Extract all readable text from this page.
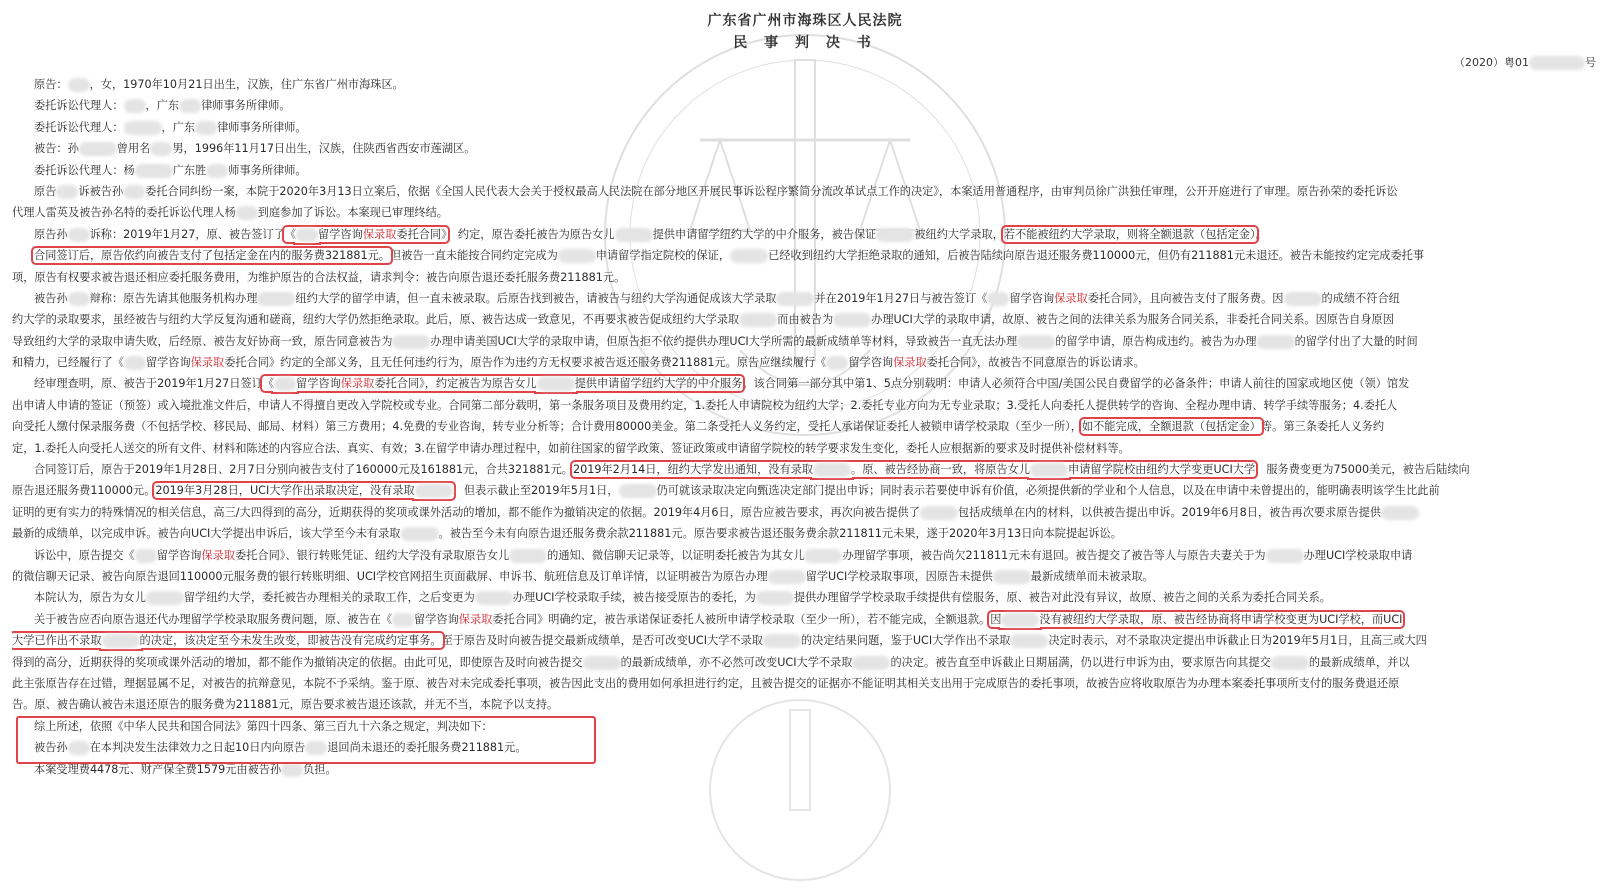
广东省广州市海珠区人民法院
民 事 判 决 书
（2020）粤01	号
原告： ，女，1970年10月21日出生，汉族，住广东省广州市海珠区。
委托诉讼代理人： ，广东 律师事务所律师。
委托诉讼代理人：	，广东 律师事务所律师。
被告：孙	曾用名 男，1996年11月17日出生，汉族，住陕西省西安市莲湖区。
委托诉讼代理人：杨	广东胜 师事务所律师。
原告 诉被告孙 委托合同纠纷一案，本院于2020年3月13日立案后，依据《全国人民代表大会关于授权最高人民法院在部分地区开展民事诉讼程序繁简分流改革试点工作的决定》，本案适用普通程序，由审判员徐广洪独任审理，公开开庭进行了审理。原告孙荣的委托诉讼
代理人雷英及被告孙名特的委托诉讼代理人杨 到庭参加了诉讼。本案现已审理终结。
原告孙 诉称：2019年1月27，原、被告签订了《 留学咨询保录取委托合同》，约定，原告委托被告为原告女儿	提供申请留学纽约大学的中介服务，被告保证	被纽约大学录取，若不能被纽约大学录取，则将全额退款（包括定金）。
合同签订后，原告依约向被告支付了包括定金在内的服务费321881元。但被告一直未能按合同约定完成为	申请留学指定院校的保证，	已经收到纽约大学拒绝录取的通知，后被告陆续向原告退还服务费110000元，但仍有211881元未退还。被告未能按约定完成委托事
项，原告有权要求被告退还相应委托服务费用，为维护原告的合法权益，请求判令：被告向原告退还委托服务费211881元。
被告孙 辩称：原告先请其他服务机构办理	纽约大学的留学申请，但一直未被录取。后原告找到被告，请被告与纽约大学沟通促成该大学录取	并在2019年1月27日与被告签订《 留学咨询保录取委托合同》，且向被告支付了服务费。因	的成绩不符合纽
约大学的录取要求，虽经被告与纽约大学反复沟通和磋商，纽约大学仍然拒绝录取。此后，原、被告达成一致意见，不再要求被告促成纽约大学录取	而由被告为	办理UCI大学的录取申请，故原、被告之间的法律关系为服务合同关系，非委托合同关系。因原告自身原因
导致纽约大学的录取申请失败，后经原、被告友好协商一致，原告同意被告为	办理申请美国UCI大学的录取申请，但原告拒不依约提供办理UCI大学所需的最新成绩单等材料，导致被告一直无法办理	的留学申请，原告构成违约。被告为办理	的留学付出了大量的时间
和精力，已经履行了《 留学咨询保录取委托合同》约定的全部义务，且无任何违约行为，原告作为违约方无权要求被告返还服务费211881元。原告应继续履行《 留学咨询保录取委托合同》，故被告不同意原告的诉讼请求。
经审理查明，原、被告于2019年1月27日签订《 留学咨询保录取委托合同》，约定被告为原告女儿	提供申请留学纽约大学的中介服务。该合同第一部分其中第1、5点分别载明：申请人必须符合中国/美国公民自费留学的必备条件；申请人前往的国家或地区使（领）馆发
出申请人申请的签证（预签）或入境批准文件后，申请人不得擅自更改入学院校或专业。合同第二部分载明，第一条服务项目及费用约定，1.委托人申请院校为纽约大学；2.委托专业方向为无专业录取；3.受托人向委托人提供转学的咨询、全程办理申请、转学手续等服务；4.委托人
向受托人缴付保录服务费（不包括学校、移民局、邮局、材料）第三方费用；4.免费的专业咨询，转专业分析等；合计费用80000美金。第二条受托人义务约定，受托人承诺保证委托人被锁申请学校录取（至少一所），如不能完成，全额退款（包括定金）等。第三条委托人义务约
定，1.委托人向受托人送交的所有文件、材料和陈述的内容应合法、真实、有效；3.在留学申请办理过程中，如前往国家的留学政策、签证政策或申请留学院校的转学要求发生变化，委托人应根据新的要求及时提供补偿材料等。
合同签订后，原告于2019年1月28日、2月7日分别向被告支付了160000元及161881元，合共321881元。2019年2月14日，纽约大学发出通知，没有录取	。原、被告经协商一致，将原告女儿	申请留学院校由纽约大学变更UCI大学，服务费变更为75000美元，被告后陆续向
原告退还服务费110000元。2019年3月28日，UCI大学作出录取决定，没有录取	，但表示截止至2019年5月1日，	仍可就该录取决定向甄选决定部门提出申诉；同时表示若要使申诉有价值，必须提供新的学业和个人信息，以及在申请中未曾提出的，能明确表明该学生比此前
证明的更有实力的特殊情况的相关信息，高三/大四得到的高分，近期获得的奖项或课外活动的增加，都不能作为撤销决定的依据。2019年4月6日，原告应被告要求，再次向被告提供了	包括成绩单在内的材料，以供被告提出申诉。2019年6月8日，被告再次要求原告提供
最新的成绩单，以完成申诉。被告向UCI大学提出申诉后，该大学至今未有录取	。被告至今未有向原告退还服务费余款211881元。原告要求被告退还服务费余款211811元未果，遂于2020年3月13日向本院提起诉讼。
诉讼中，原告提交《 留学咨询保录取委托合同》、银行转账凭证、纽约大学没有录取原告女儿	的通知、微信聊天记录等，以证明委托被告为其女儿	办理留学事项，被告尚欠211811元未有退回。被告提交了被告等人与原告夫妻关于为	办理UCI学校录取申请
的微信聊天记录、被告向原告退回110000元服务费的银行转账明细、UCI学校官网招生页面截屏、申诉书、航班信息及订单详情，以证明被告为原告办理	留学UCI学校录取事项，因原告未提供	最新成绩单而未被录取。
本院认为，原告为女儿	留学纽约大学，委托被告办理相关的录取工作，之后变更为	办理UCI学校录取手续，被告接受原告的委托，为	提供办理留学学校录取手续提供有偿服务，原、被告对此没有异议，故原、被告之间的关系为委托合同关系。
关于被告应否向原告退还代办理留学学校录取服务费问题，原、被告在《 留学咨询保录取委托合同》明确约定，被告承诺保证委托人被所申请学校录取（至少一所），若不能完成，全额退款。因	没有被纽约大学录取，原、被告经协商将申请学校变更为UCI学校，而UCI
大学已作出不录取	的决定，该决定至今未发生改变，即被告没有完成约定事务。至于原告及时向被告提交最新成绩单，是否可改变UCI大学不录取	的决定结果问题，鉴于UCI大学作出不录取	决定时表示，对不录取决定提出申诉截止日为2019年5月1日，且高三或大四
得到的高分，近期获得的奖项或课外活动的增加，都不能作为撤销决定的依据。由此可见，即使原告及时向被告提交	的最新成绩单，亦不必然可改变UCI大学不录取	的决定。被告直至申诉截止日期届满，仍以进行申诉为由，要求原告向其提交	的最新成绩单，并以
此主张原告存在过错，理据显属不足，对被告的抗辩意见，本院不予采纳。鉴于原、被告对未完成委托事项，被告因此支出的费用如何承担进行约定，且被告提交的证据亦不能证明其相关支出用于完成原告的委托事项，故被告应将收取原告为办理本案委托事项所支付的服务费退还原
告。原、被告确认被告未退还原告的服务费为211881元，原告要求被告退还该款，并无不当，本院予以支持。
综上所述，依照《中华人民共和国合同法》第四十四条、第三百九十六条之规定，判决如下：
被告孙 在本判决发生法律效力之日起10日内向原告 退回尚未退还的委托服务费211881元。
本案受理费4478元、财产保全费1579元由被告孙 负担。
